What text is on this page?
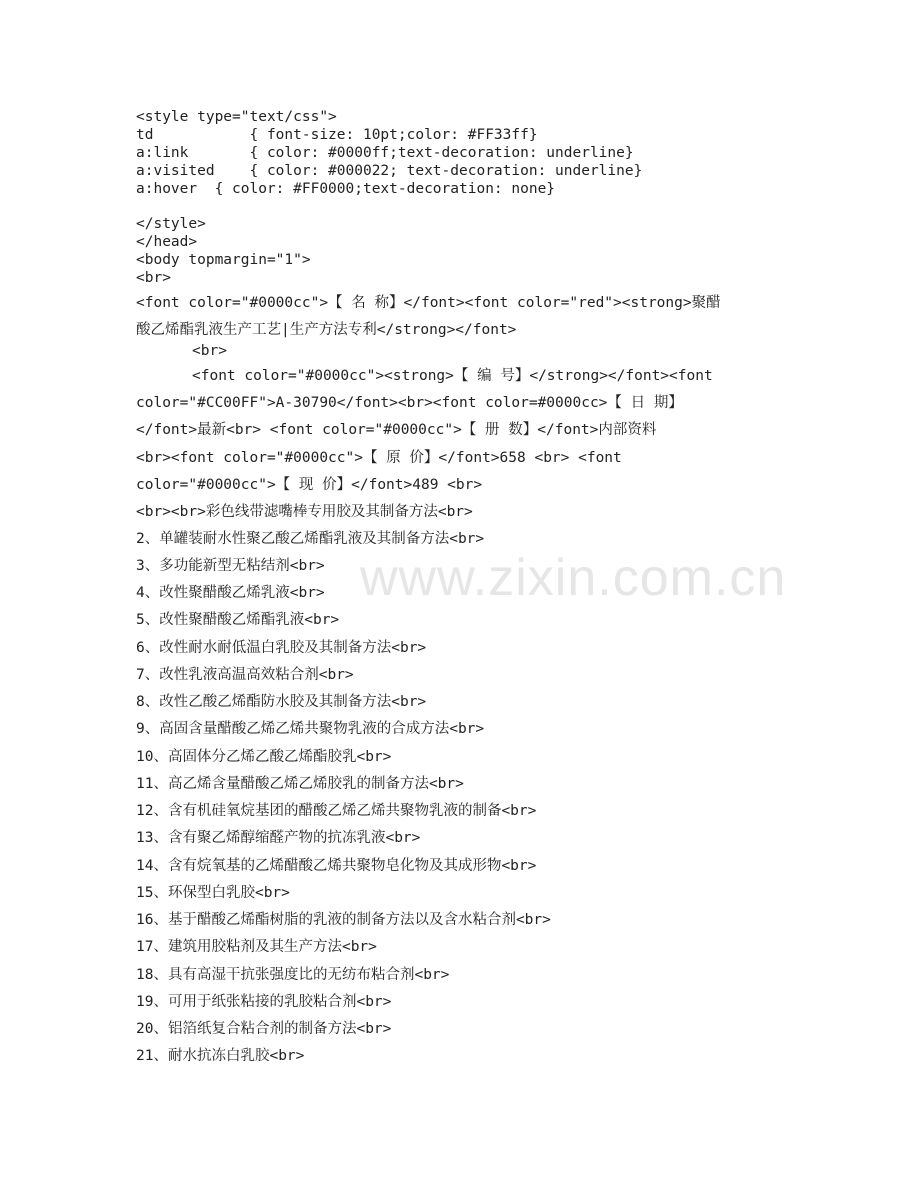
www.zixin.com.cn
<style type="text/css">
td           { font-size: 10pt;color: #FF33ff}
a:link       { color: #0000ff;text-decoration: underline}
a:visited    { color: #000022; text-decoration: underline}
a:hover  { color: #FF0000;text-decoration: none}
</style>
</head>
<body topmargin="1">
<br>
<font color="#0000cc">【 名 称】</font><font color="red"><strong>聚醋
酸乙烯酯乳液生产工艺|生产方法专利</strong></font>
<br>
<font color="#0000cc"><strong>【 编 号】</strong></font><font
color="#CC00FF">A-30790</font><br><font color=#0000cc>【 日 期】
</font>最新<br> <font color="#0000cc">【 册 数】</font>内部资料
<br><font color="#0000cc">【 原 价】</font>658 <br> <font
color="#0000cc">【 现 价】</font>489 <br>
<br><br>彩色线带滤嘴棒专用胶及其制备方法<br>
2、单罐装耐水性聚乙酸乙烯酯乳液及其制备方法<br>
3、多功能新型无粘结剂<br>
4、改性聚醋酸乙烯乳液<br>
5、改性聚醋酸乙烯酯乳液<br>
6、改性耐水耐低温白乳胶及其制备方法<br>
7、改性乳液高温高效粘合剂<br>
8、改性乙酸乙烯酯防水胶及其制备方法<br>
9、高固含量醋酸乙烯乙烯共聚物乳液的合成方法<br>
10、高固体分乙烯乙酸乙烯酯胶乳<br>
11、高乙烯含量醋酸乙烯乙烯胶乳的制备方法<br>
12、含有机硅氧烷基团的醋酸乙烯乙烯共聚物乳液的制备<br>
13、含有聚乙烯醇缩醛产物的抗冻乳液<br>
14、含有烷氧基的乙烯醋酸乙烯共聚物皂化物及其成形物<br>
15、环保型白乳胶<br>
16、基于醋酸乙烯酯树脂的乳液的制备方法以及含水粘合剂<br>
17、建筑用胶粘剂及其生产方法<br>
18、具有高湿干抗张强度比的无纺布粘合剂<br>
19、可用于纸张粘接的乳胶粘合剂<br>
20、铝箔纸复合粘合剂的制备方法<br>
21、耐水抗冻白乳胶<br>
